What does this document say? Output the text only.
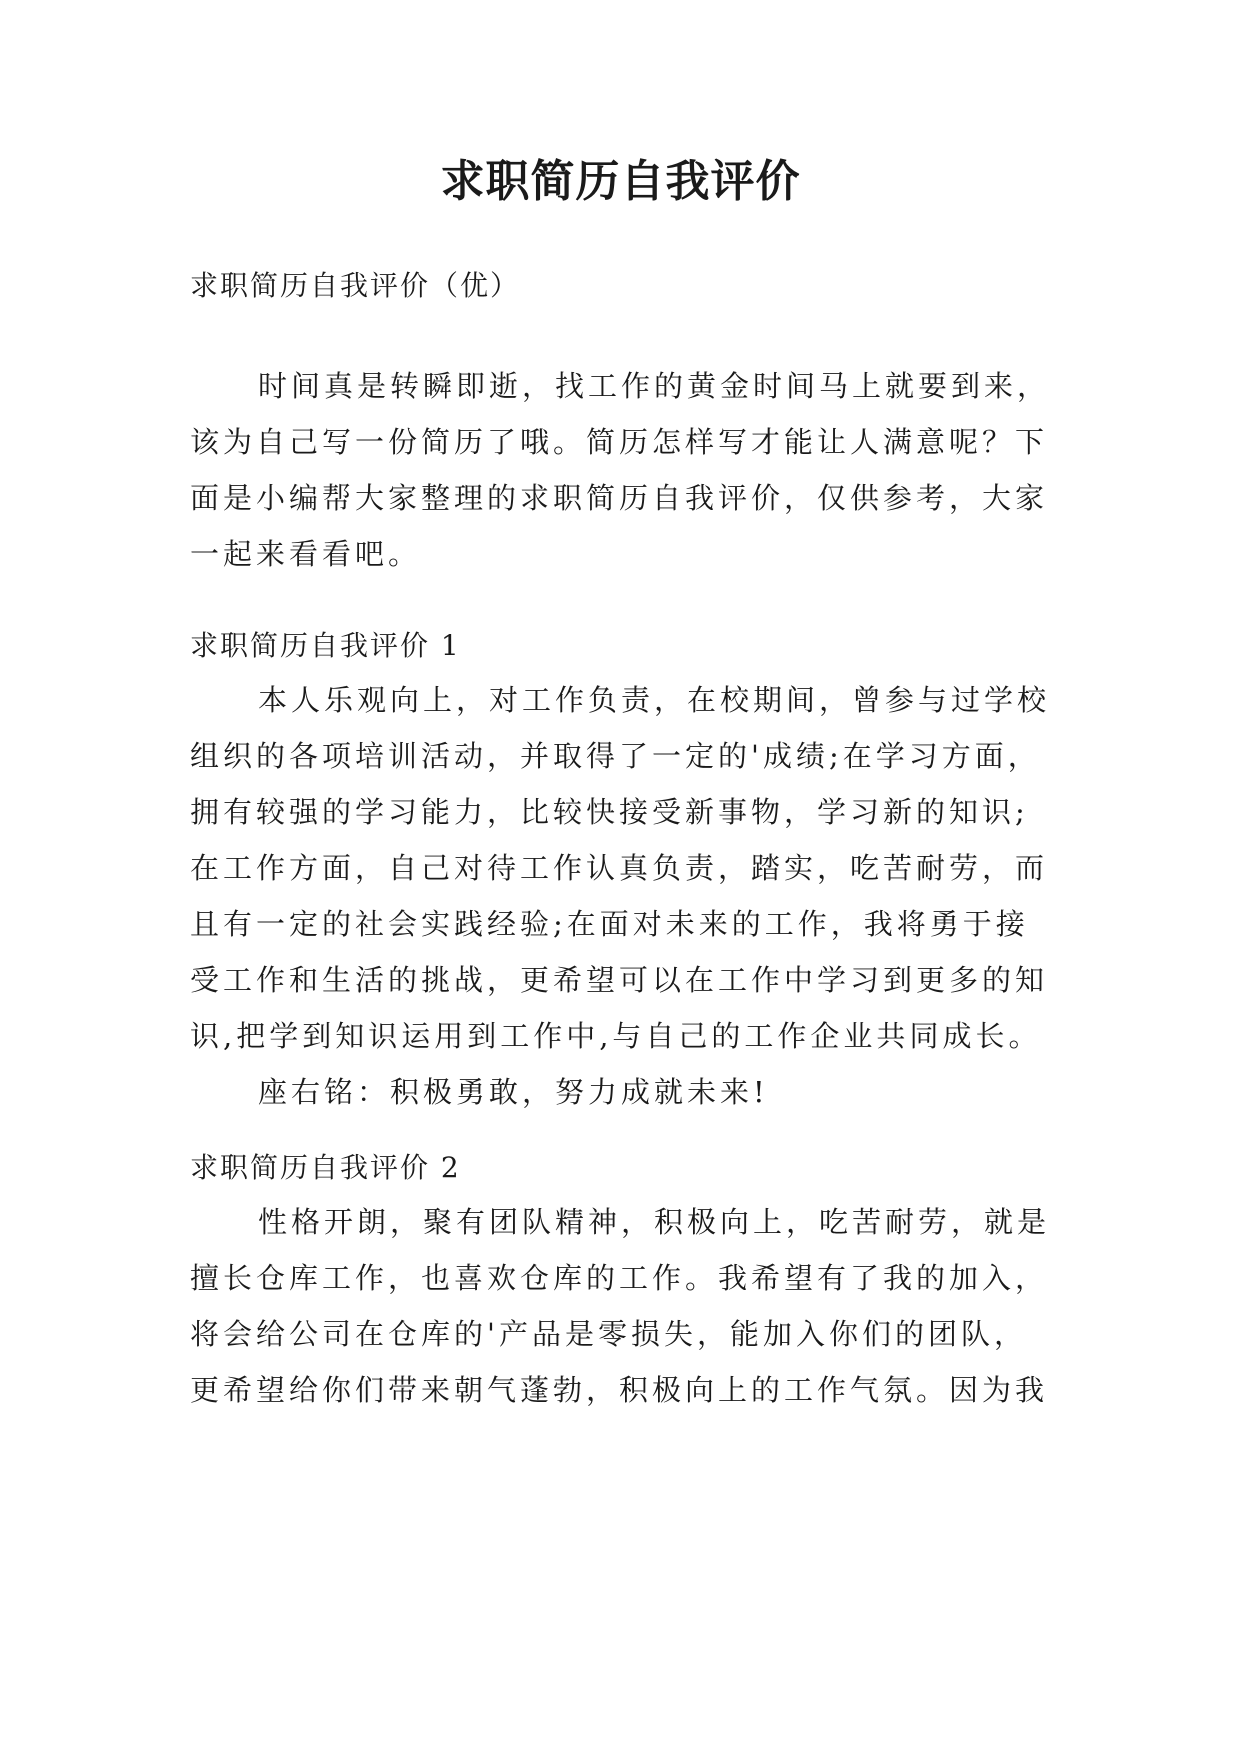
求职简历自我评价
求职简历自我评价（优）
时间真是转瞬即逝，找工作的黄金时间马上就要到来，
该为自己写一份简历了哦。简历怎样写才能让人满意呢？下
面是小编帮大家整理的求职简历自我评价，仅供参考，大家
一起来看看吧。
求职简历自我评价 1
本人乐观向上，对工作负责，在校期间，曾参与过学校
组织的各项培训活动，并取得了一定的'成绩;在学习方面，
拥有较强的学习能力，比较快接受新事物，学习新的知识;
在工作方面，自己对待工作认真负责，踏实，吃苦耐劳，而
且有一定的社会实践经验;在面对未来的工作，我将勇于接
受工作和生活的挑战，更希望可以在工作中学习到更多的知
识,把学到知识运用到工作中,与自己的工作企业共同成长。
座右铭：积极勇敢，努力成就未来!
求职简历自我评价 2
性格开朗，聚有团队精神，积极向上，吃苦耐劳，就是
擅长仓库工作，也喜欢仓库的工作。我希望有了我的加入，
将会给公司在仓库的'产品是零损失，能加入你们的团队，
更希望给你们带来朝气蓬勃，积极向上的工作气氛。因为我
